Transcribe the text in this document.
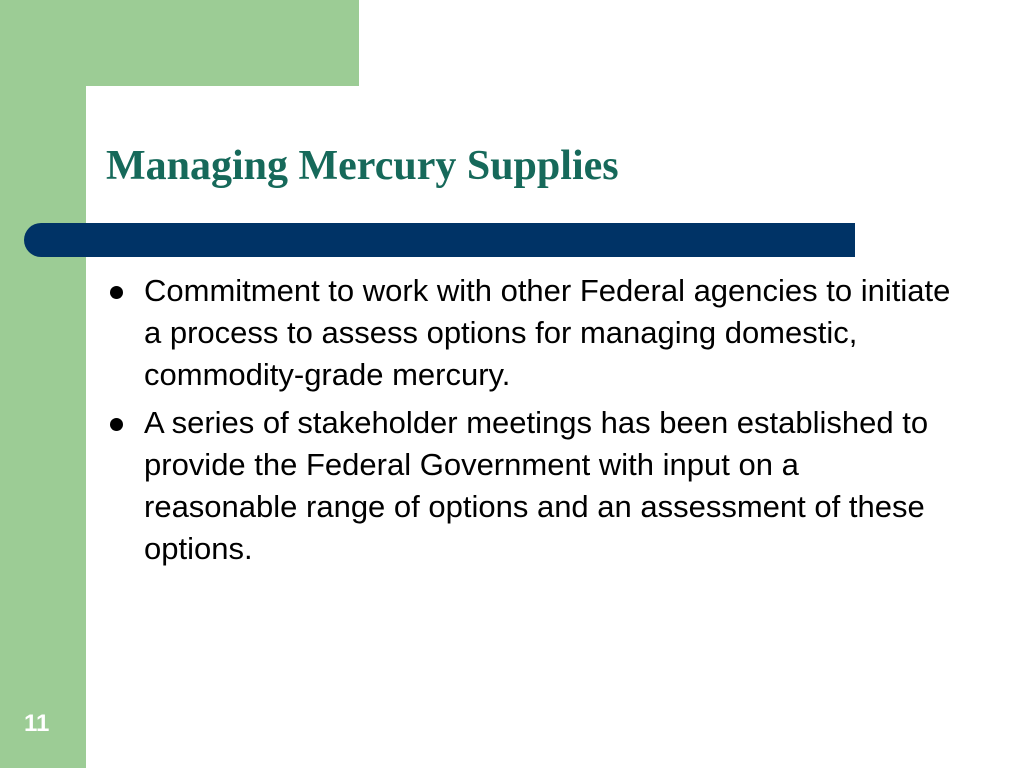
Managing Mercury Supplies
Commitment to work with other Federal agencies to initiate a process to assess options for managing domestic, commodity-grade mercury.
A series of stakeholder meetings has been established to provide the Federal Government with input on a reasonable range of options and an assessment of these options.
11
